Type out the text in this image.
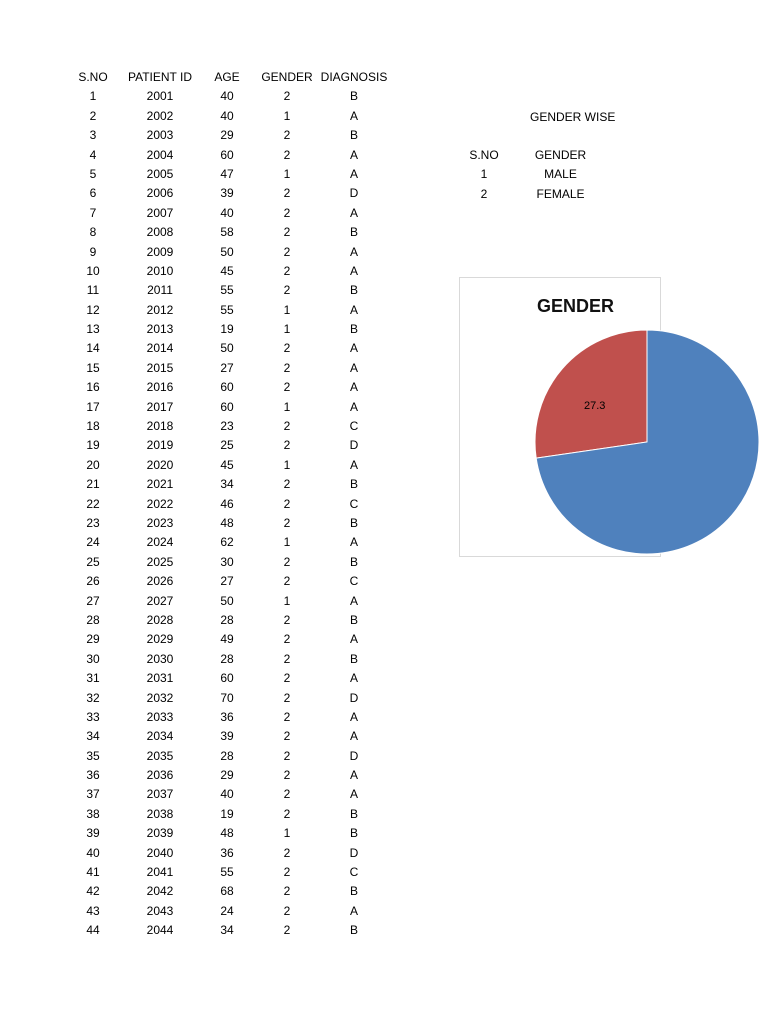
S.NO	PATIENT ID	AGE	GENDER DIAGNOSIS
1	2001	40	2	B
2	2002	40	1	A
3	2003	29	2	B
4	2004	60	2	A
5	2005	47	1	A
6	2006	39	2	D
7	2007	40	2	A
8	2008	58	2	B
9	2009	50	2	A
10	2010	45	2	A
11	2011	55	2	B
12	2012	55	1	A
13	2013	19	1	B
14	2014	50	2	A
15	2015	27	2	A
16	2016	60	2	A
17	2017	60	1	A
18	2018	23	2	C
19	2019	25	2	D
20	2020	45	1	A
21	2021	34	2	B
22	2022	46	2	C
23	2023	48	2	B
24	2024	62	1	A
25	2025	30	2	B
26	2026	27	2	C
27	2027	50	1	A
28	2028	28	2	B
29	2029	49	2	A
30	2030	28	2	B
31	2031	60	2	A
32	2032	70	2	D
33	2033	36	2	A
34	2034	39	2	A
35	2035	28	2	D
36	2036	29	2	A
37	2037	40	2	A
38	2038	19	2	B
39	2039	48	1	B
40	2040	36	2	D
41	2041	55	2	C
42	2042	68	2	B
43	2043	24	2	A
44	2044	34	2	B
GENDER WISE
S.NO	GENDER
1	MALE
2	FEMALE
27.3
GENDER
